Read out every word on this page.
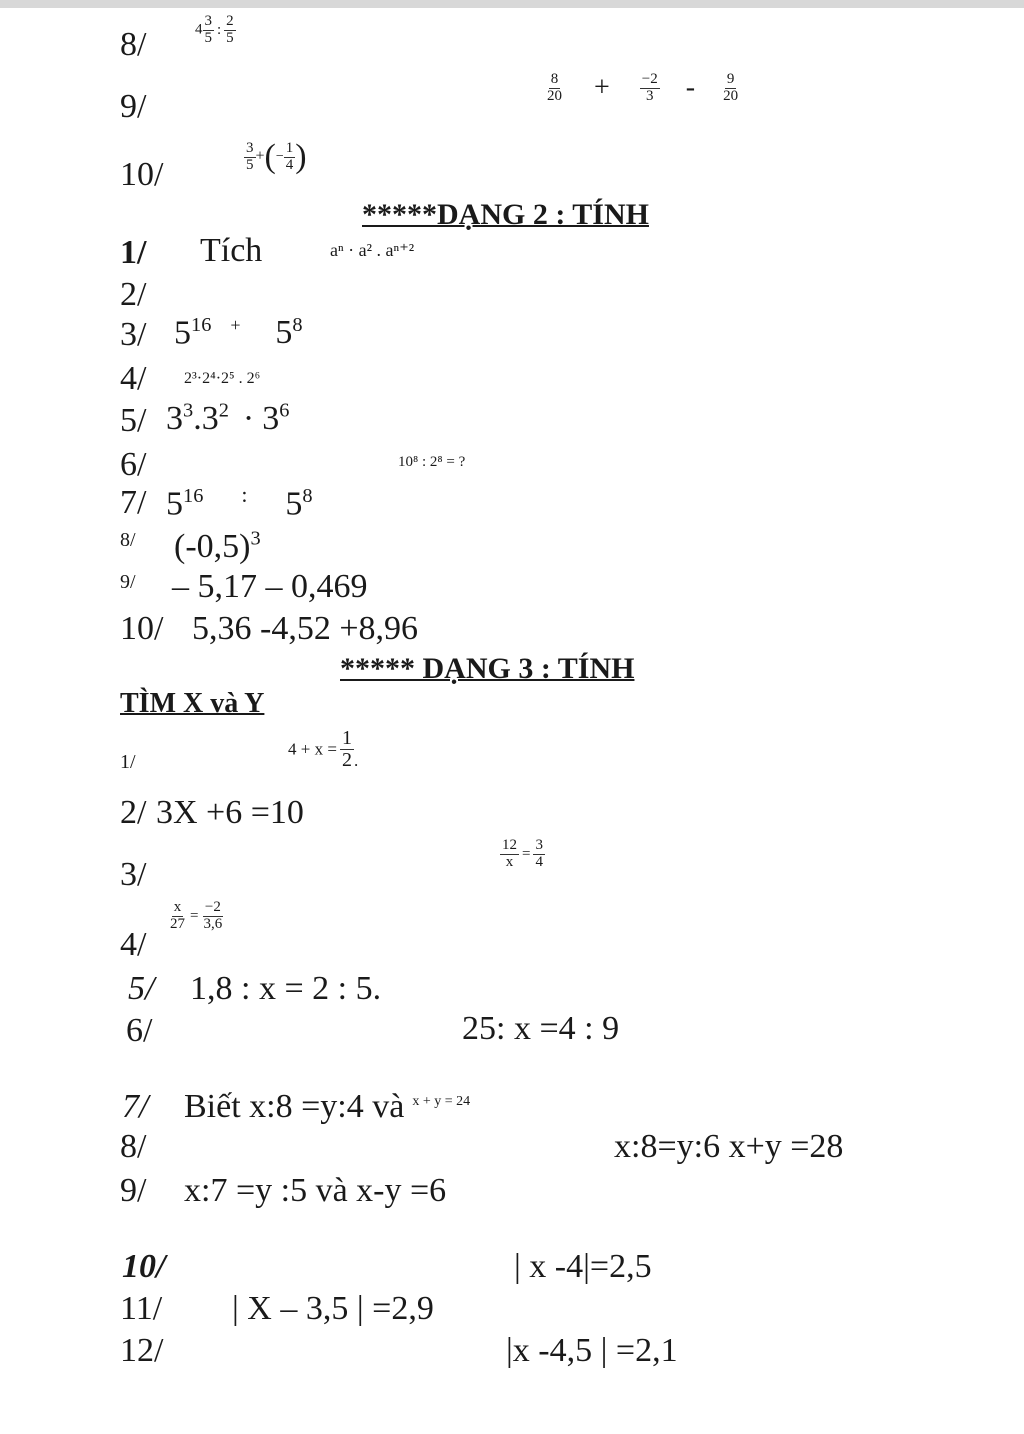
8/	$4 \frac{3}{5}$ : $\frac{2}{5}$
9/	$\frac{8}{20} + \frac{-2}{3} - \frac{9}{20}$
10/	$\frac{3}{5}$ +(− $\frac{1}{4}$ )
*****DẠNG 2 : TÍNH
1/ Tích	aⁿ · a² . aⁿ⁺²
2/
3/ $5^{16} + 5^8$
4/ 2³·2⁴·2⁵ . 2⁶
5/ $3^3.3^2 \cdot 3^6$
6/	10⁸ : 2⁸ = ?
7/ $5^{16}$ : $5^8$
8/ $(-0,5)^3$
9/ – 5,17 – 0,469
10/ 5,36 -4,52 +8,96
***** DẠNG 3 : TÍNH
TÌM X và Y
1/
$4 + x = \frac{1}{2}$ .
2/ 3X +6 =10
3/
$\frac{12}{x} = \frac{3}{4}$
4/
$\frac{x}{27} = \frac{-2}{3,6}$
5/ 1,8 : x = 2 : 5.
6/	25: x =4 : 9
7/ Biết x:8 =y:4 và $^{x + y = 24}$
8/	x:8=y:6 x+y =28
9/ x:7 =y :5 và x-y =6
10/	| x -4|=2,5
11/ | X – 3,5 | =2,9
12/	|x -4,5 | =2,1
